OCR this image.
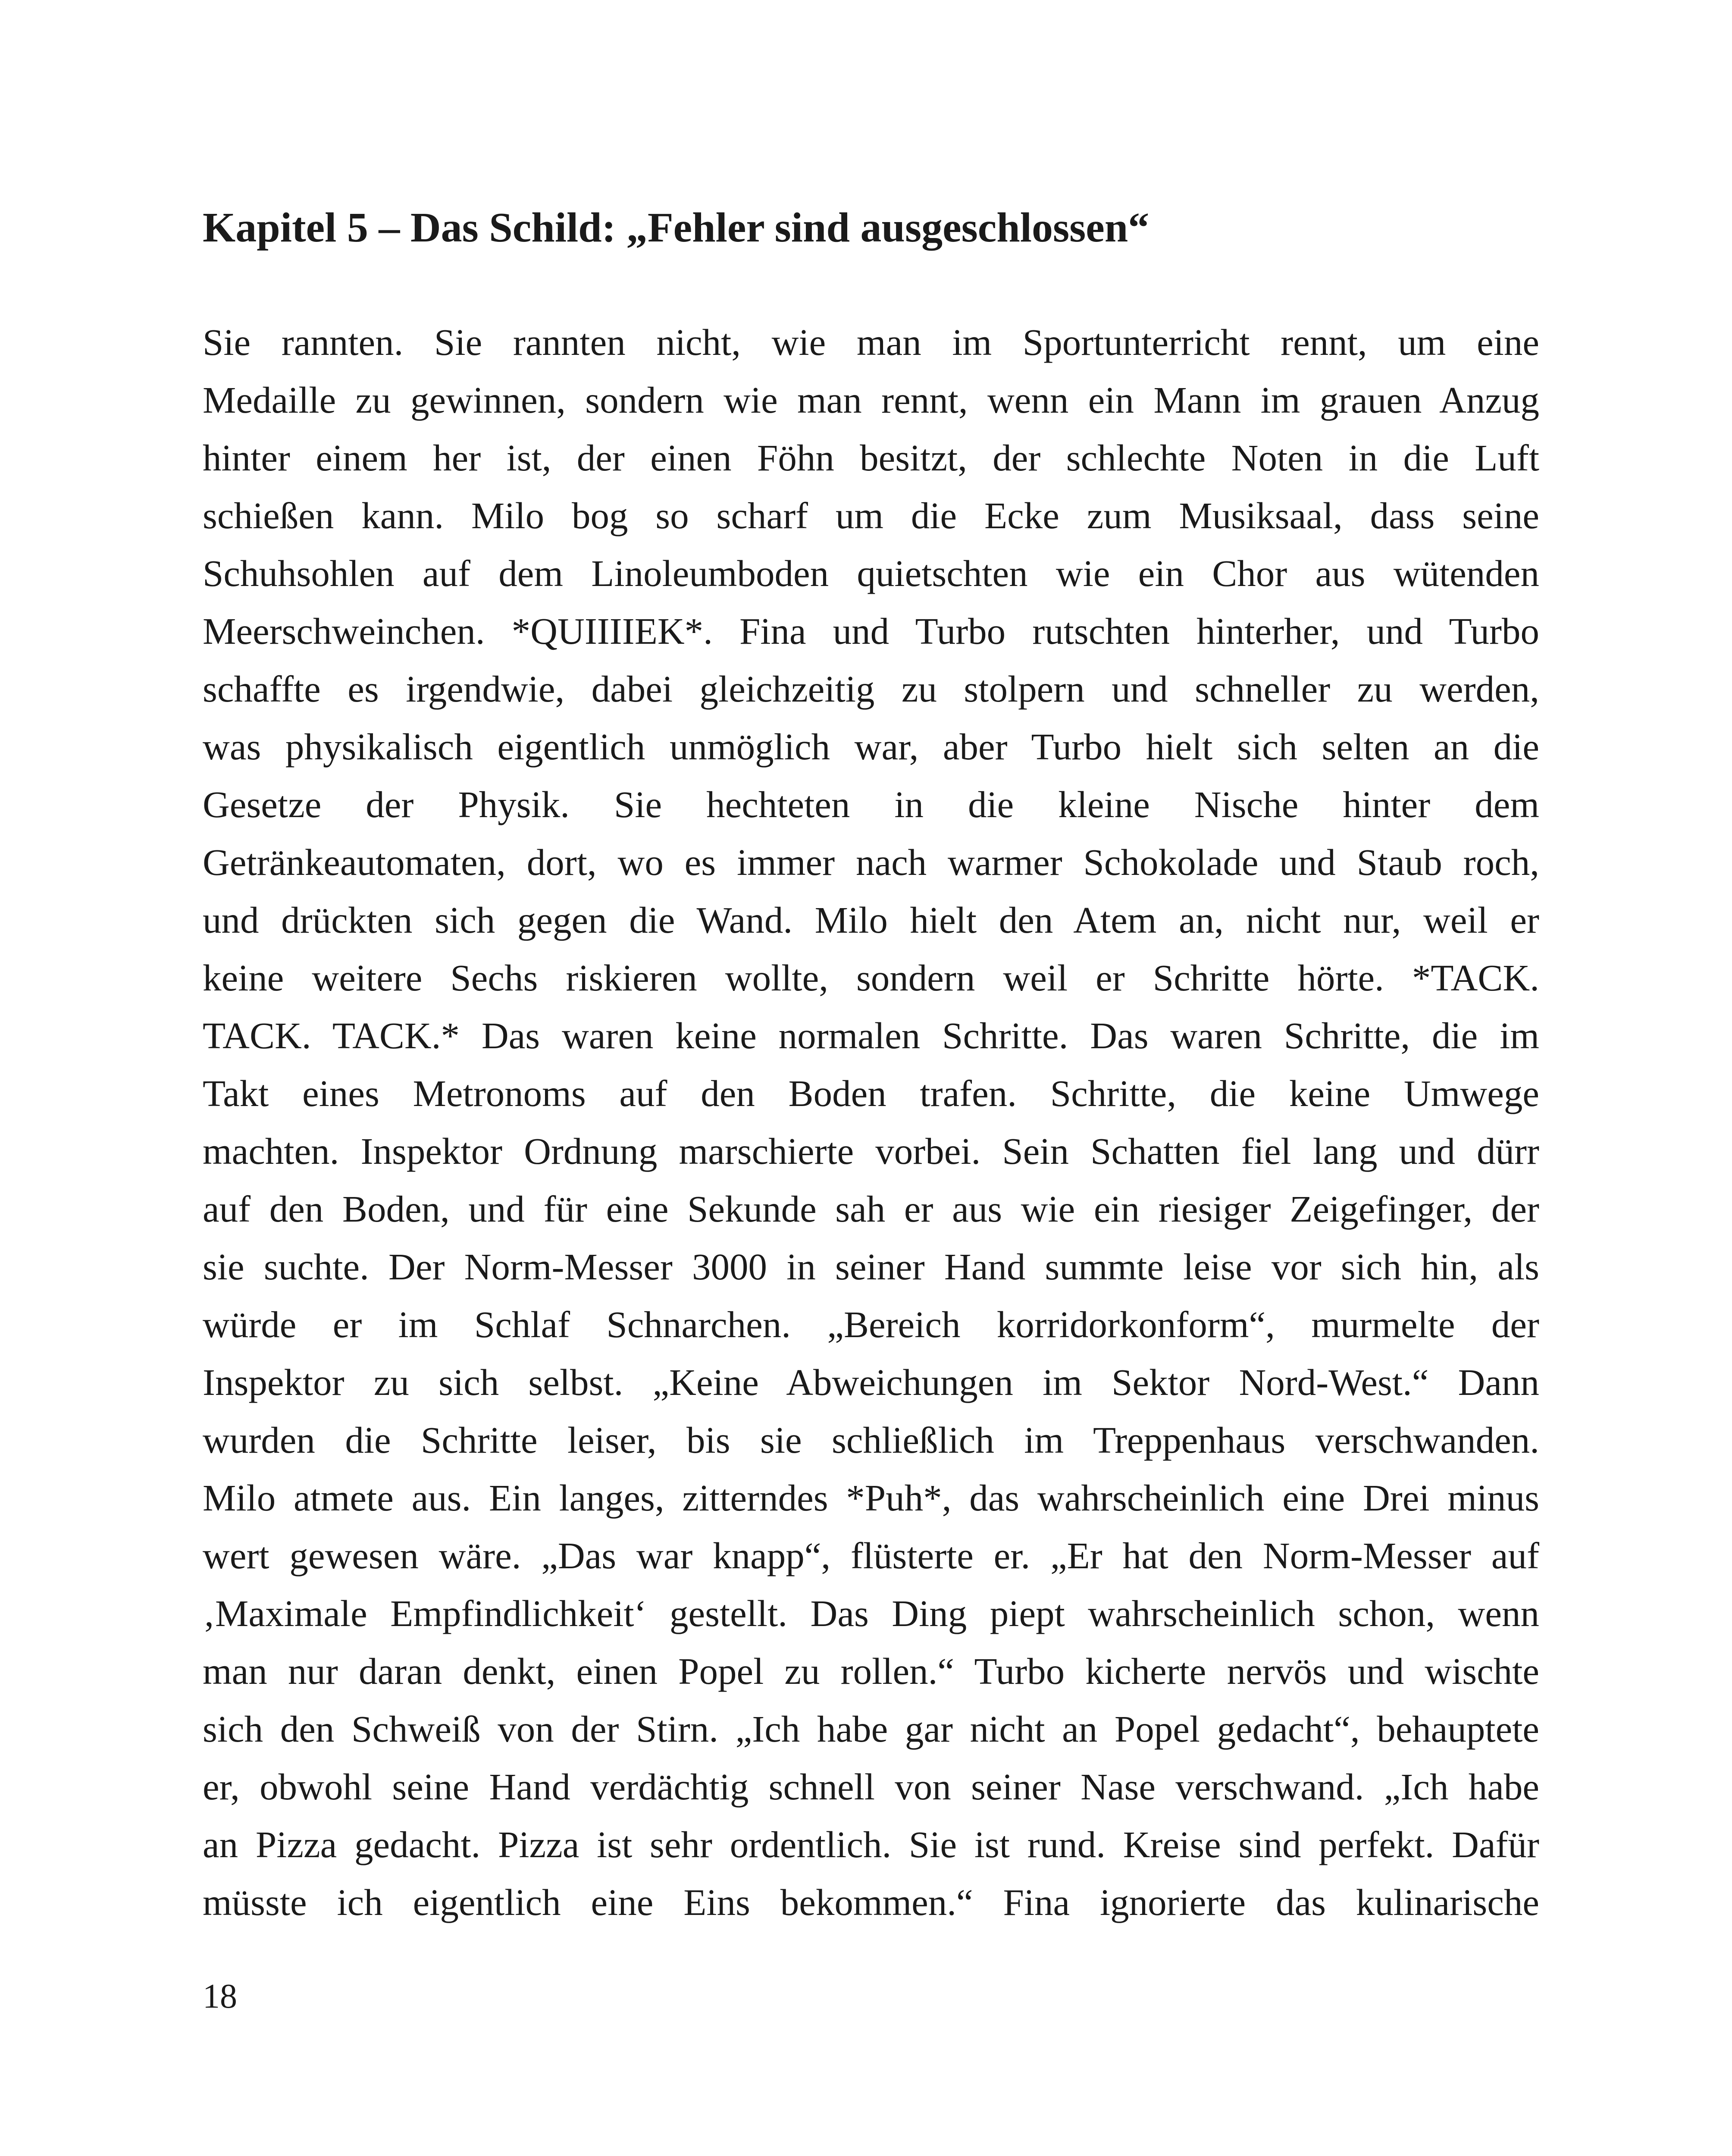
Kapitel 5 – Das Schild: „Fehler sind ausgeschlossen“
Sie rannten. Sie rannten nicht, wie man im Sportunterricht rennt, um eine
Medaille zu gewinnen, sondern wie man rennt, wenn ein Mann im grauen Anzug
hinter einem her ist, der einen Föhn besitzt, der schlechte Noten in die Luft
schießen kann. Milo bog so scharf um die Ecke zum Musiksaal, dass seine
Schuhsohlen auf dem Linoleumboden quietschten wie ein Chor aus wütenden
Meerschweinchen. *QUIIIIEK*. Fina und Turbo rutschten hinterher, und Turbo
schaffte es irgendwie, dabei gleichzeitig zu stolpern und schneller zu werden,
was physikalisch eigentlich unmöglich war, aber Turbo hielt sich selten an die
Gesetze der Physik. Sie hechteten in die kleine Nische hinter dem
Getränkeautomaten, dort, wo es immer nach warmer Schokolade und Staub roch,
und drückten sich gegen die Wand. Milo hielt den Atem an, nicht nur, weil er
keine weitere Sechs riskieren wollte, sondern weil er Schritte hörte. *TACK.
TACK. TACK.* Das waren keine normalen Schritte. Das waren Schritte, die im
Takt eines Metronoms auf den Boden trafen. Schritte, die keine Umwege
machten. Inspektor Ordnung marschierte vorbei. Sein Schatten fiel lang und dürr
auf den Boden, und für eine Sekunde sah er aus wie ein riesiger Zeigefinger, der
sie suchte. Der Norm-Messer 3000 in seiner Hand summte leise vor sich hin, als
würde er im Schlaf Schnarchen. „Bereich korridorkonform“, murmelte der
Inspektor zu sich selbst. „Keine Abweichungen im Sektor Nord-West.“ Dann
wurden die Schritte leiser, bis sie schließlich im Treppenhaus verschwanden.
Milo atmete aus. Ein langes, zitterndes *Puh*, das wahrscheinlich eine Drei minus
wert gewesen wäre. „Das war knapp“, flüsterte er. „Er hat den Norm-Messer auf
‚Maximale Empfindlichkeit‘ gestellt. Das Ding piept wahrscheinlich schon, wenn
man nur daran denkt, einen Popel zu rollen.“ Turbo kicherte nervös und wischte
sich den Schweiß von der Stirn. „Ich habe gar nicht an Popel gedacht“, behauptete
er, obwohl seine Hand verdächtig schnell von seiner Nase verschwand. „Ich habe
an Pizza gedacht. Pizza ist sehr ordentlich. Sie ist rund. Kreise sind perfekt. Dafür
müsste ich eigentlich eine Eins bekommen.“ Fina ignorierte das kulinarische
18
